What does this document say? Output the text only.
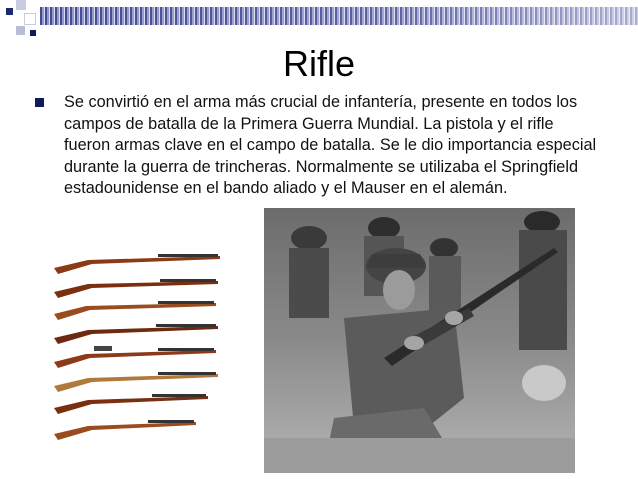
Rifle
Se convirtió en el arma más crucial de infantería, presente en todos los campos de batalla de la Primera Guerra Mundial. La pistola y el rifle fueron armas clave en el campo de batalla. Se le dio importancia especial durante la guerra de trincheras. Normalmente se utilizaba el Springfield estadounidense en el bando aliado y el Mauser en el alemán.
